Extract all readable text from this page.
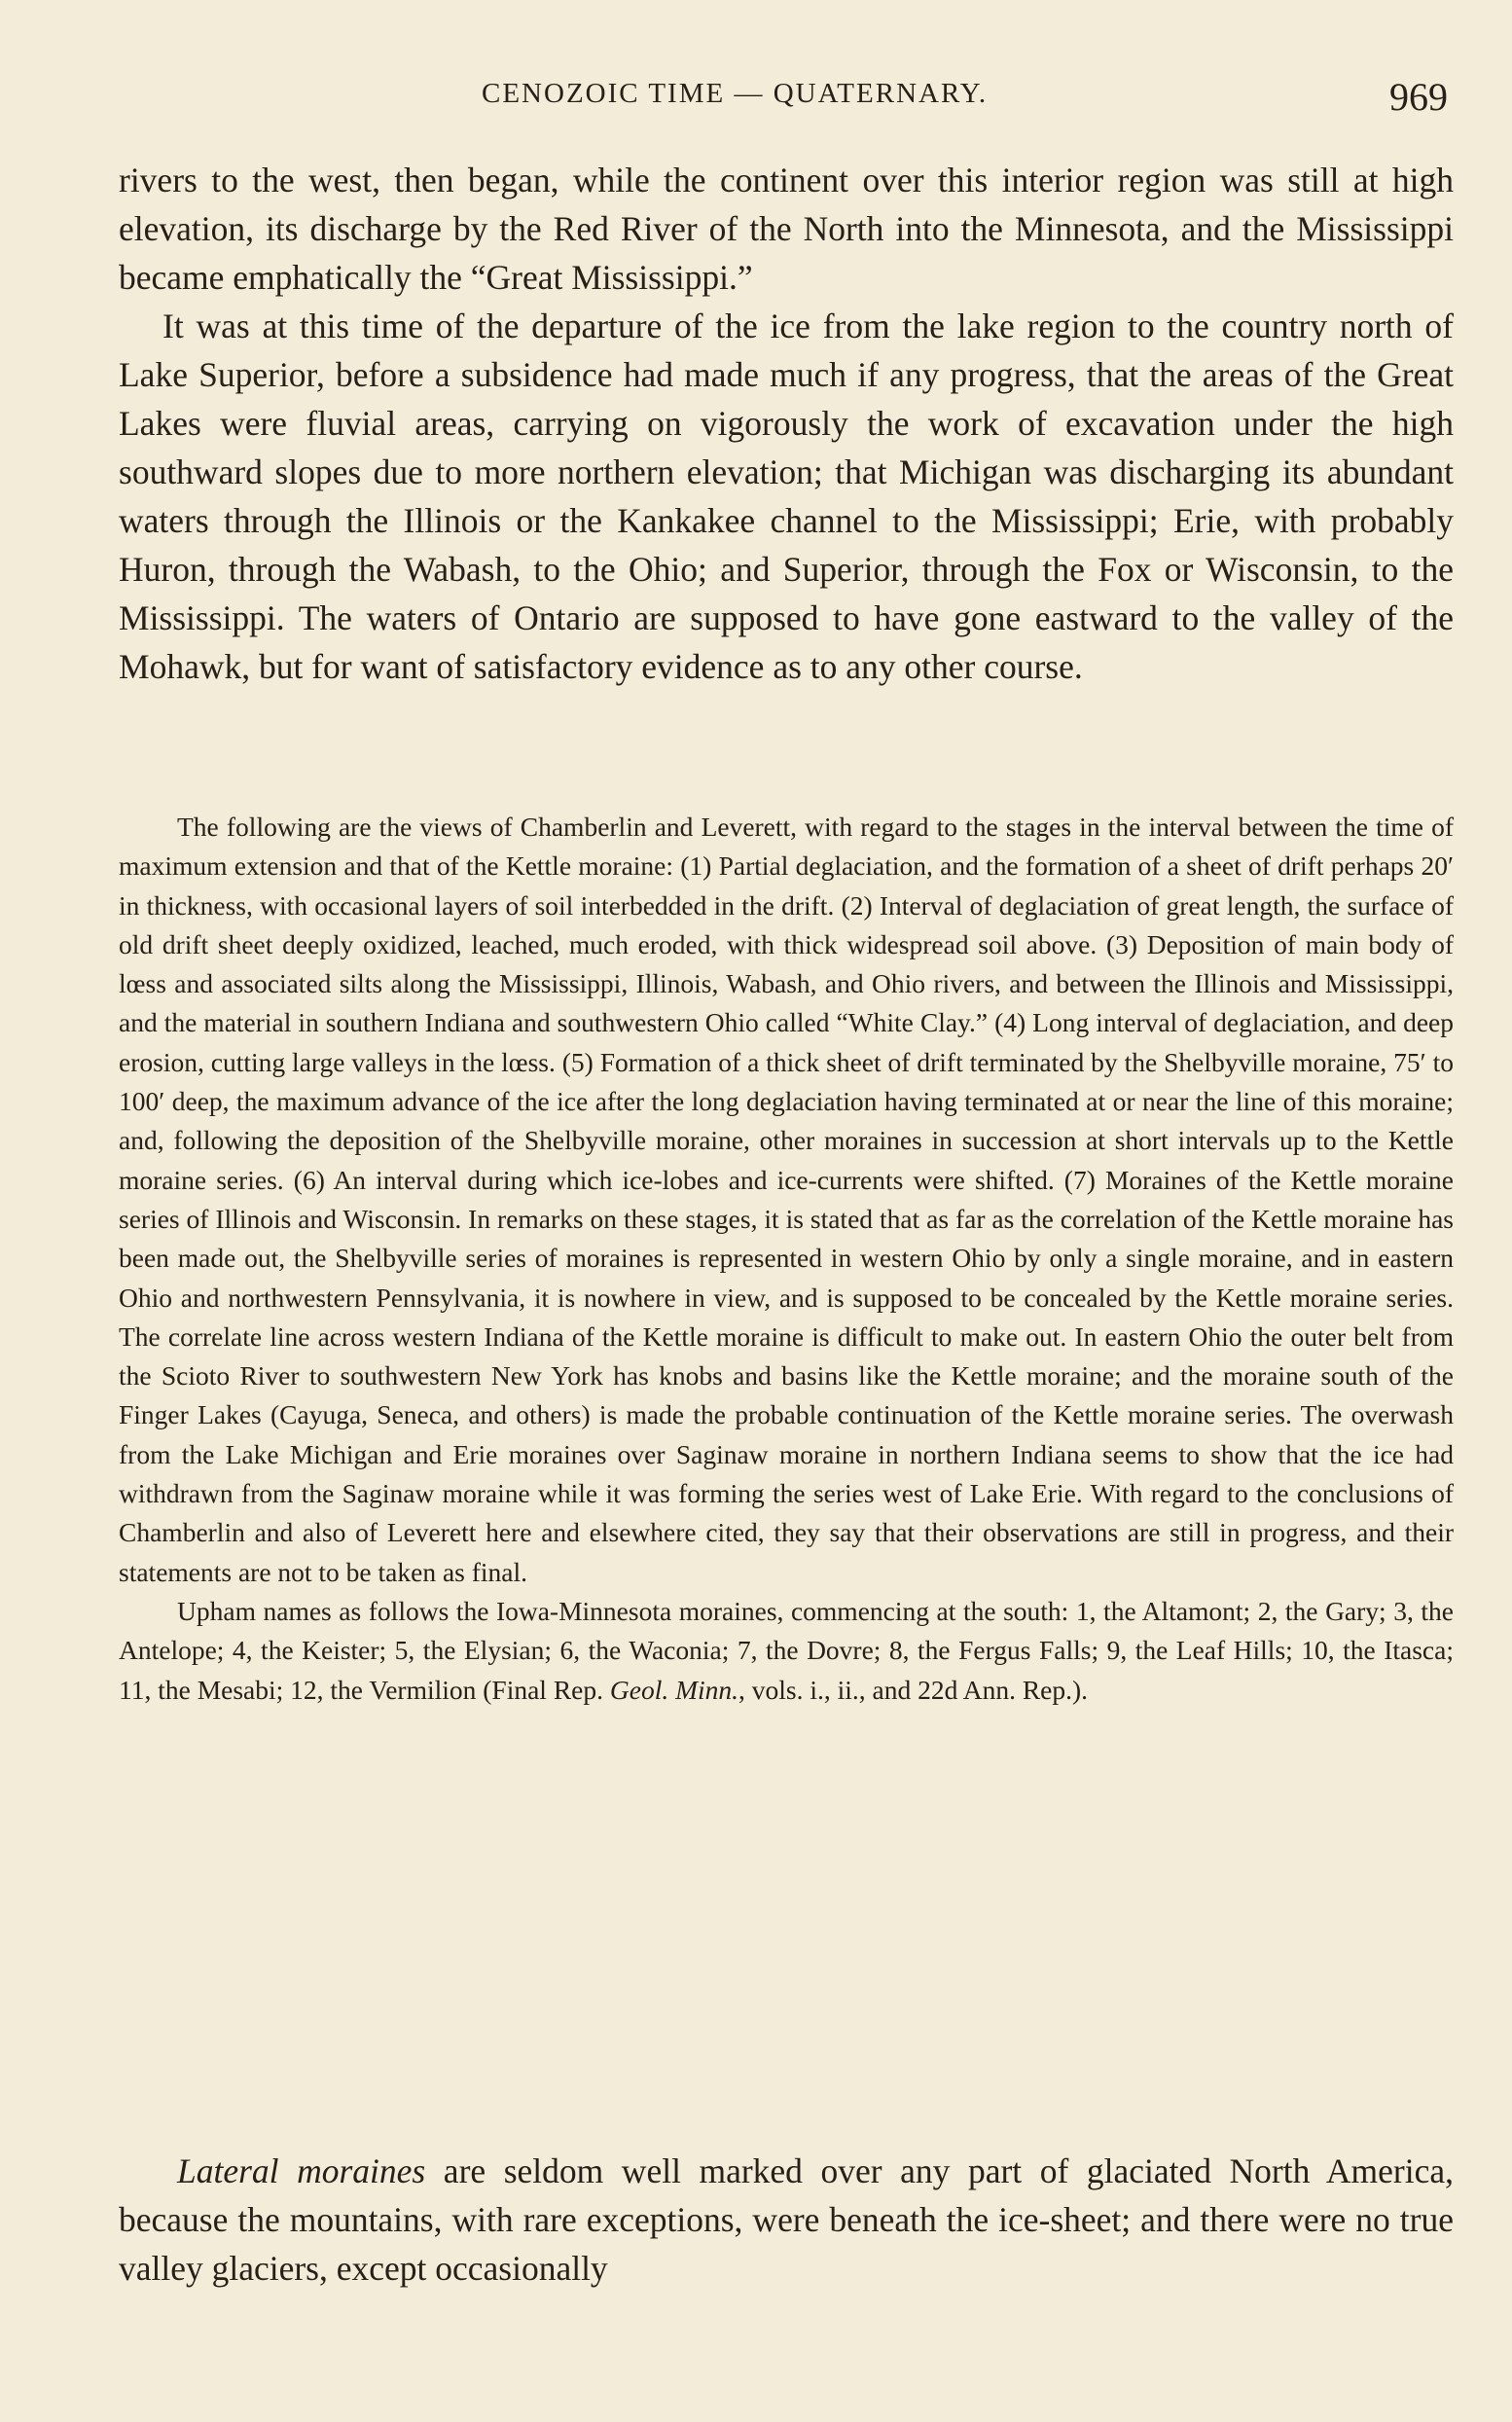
CENOZOIC TIME — QUATERNARY.	969

rivers to the west, then began, while the continent over this interior region was still at high elevation, its discharge by the Red River of the North into the Minnesota, and the Mississippi became emphatically the “Great Mississippi.”

It was at this time of the departure of the ice from the lake region to the country north of Lake Superior, before a subsidence had made much if any progress, that the areas of the Great Lakes were fluvial areas, carrying on vigorously the work of excavation under the high southward slopes due to more northern elevation; that Michigan was discharging its abundant waters through the Illinois or the Kankakee channel to the Mississippi; Erie, with probably Huron, through the Wabash, to the Ohio; and Superior, through the Fox or Wisconsin, to the Mississippi. The waters of Ontario are supposed to have gone eastward to the valley of the Mohawk, but for want of satisfactory evidence as to any other course.

The following are the views of Chamberlin and Leverett, with regard to the stages in the interval between the time of maximum extension and that of the Kettle moraine: (1) Partial deglaciation, and the formation of a sheet of drift perhaps 20′ in thickness, with occasional layers of soil interbedded in the drift. (2) Interval of deglaciation of great length, the surface of old drift sheet deeply oxidized, leached, much eroded, with thick widespread soil above. (3) Deposition of main body of lœss and associated silts along the Mississippi, Illinois, Wabash, and Ohio rivers, and between the Illinois and Mississippi, and the material in southern Indiana and southwestern Ohio called “White Clay.” (4) Long interval of deglaciation, and deep erosion, cutting large valleys in the lœss. (5) Formation of a thick sheet of drift terminated by the Shelbyville moraine, 75′ to 100′ deep, the maximum advance of the ice after the long deglaciation having terminated at or near the line of this moraine; and, following the deposition of the Shelbyville moraine, other moraines in succession at short intervals up to the Kettle moraine series. (6) An interval during which ice-lobes and ice-currents were shifted. (7) Moraines of the Kettle moraine series of Illinois and Wisconsin. In remarks on these stages, it is stated that as far as the correlation of the Kettle moraine has been made out, the Shelbyville series of moraines is represented in western Ohio by only a single moraine, and in eastern Ohio and northwestern Pennsylvania, it is nowhere in view, and is supposed to be concealed by the Kettle moraine series. The correlate line across western Indiana of the Kettle moraine is difficult to make out. In eastern Ohio the outer belt from the Scioto River to southwestern New York has knobs and basins like the Kettle moraine; and the moraine south of the Finger Lakes (Cayuga, Seneca, and others) is made the probable continuation of the Kettle moraine series. The overwash from the Lake Michigan and Erie moraines over Saginaw moraine in northern Indiana seems to show that the ice had withdrawn from the Saginaw moraine while it was forming the series west of Lake Erie. With regard to the conclusions of Chamberlin and also of Leverett here and elsewhere cited, they say that their observations are still in progress, and their statements are not to be taken as final.

Upham names as follows the Iowa-Minnesota moraines, commencing at the south: 1, the Altamont; 2, the Gary; 3, the Antelope; 4, the Keister; 5, the Elysian; 6, the Waconia; 7, the Dovre; 8, the Fergus Falls; 9, the Leaf Hills; 10, the Itasca; 11, the Mesabi; 12, the Vermilion (Final Rep. Geol. Minn., vols. i., ii., and 22d Ann. Rep.).

Lateral moraines are seldom well marked over any part of glaciated North America, because the mountains, with rare exceptions, were beneath the ice-sheet; and there were no true valley glaciers, except occasionally
